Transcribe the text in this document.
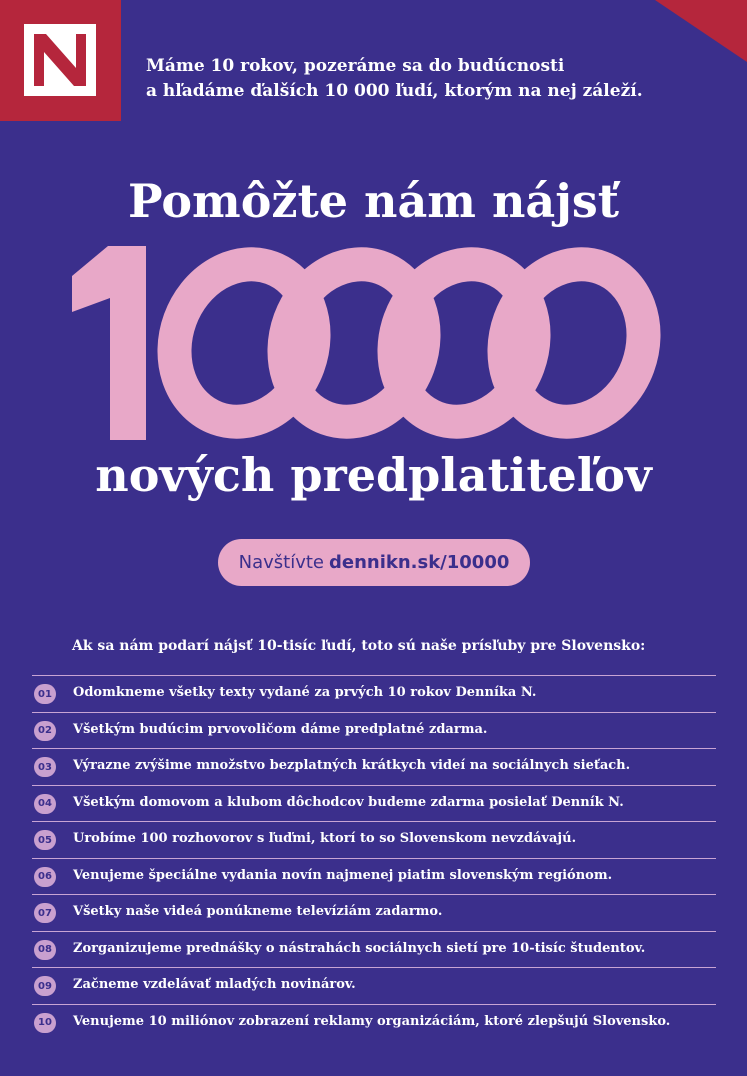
Máme 10 rokov, pozeráme sa do budúcnosti
a hľadáme ďalších 10 000 ľudí, ktorým na nej záleží.
Pomôžte nám nájsť
10000
nových predplatiteľov
Navštívte dennikn.sk/10000
Ak sa nám podarí nájsť 10-tisíc ľudí, toto sú naše prísľuby pre Slovensko:
01	Odomkneme všetky texty vydané za prvých 10 rokov Denníka N.
02	Všetkým budúcim prvovoličom dáme predplatné zdarma.
03	Výrazne zvýšime množstvo bezplatných krátkych videí na sociálnych sieťach.
04	Všetkým domovom a klubom dôchodcov budeme zdarma posielať Denník N.
05	Urobíme 100 rozhovorov s ľuďmi, ktorí to so Slovenskom nevzdávajú.
06	Venujeme špeciálne vydania novín najmenej piatim slovenským regiónom.
07	Všetky naše videá ponúkneme televíziám zadarmo.
08	Zorganizujeme prednášky o nástrahách sociálnych sietí pre 10-tisíc študentov.
09	Začneme vzdelávať mladých novinárov.
10	Venujeme 10 miliónov zobrazení reklamy organizáciám, ktoré zlepšujú Slovensko.
